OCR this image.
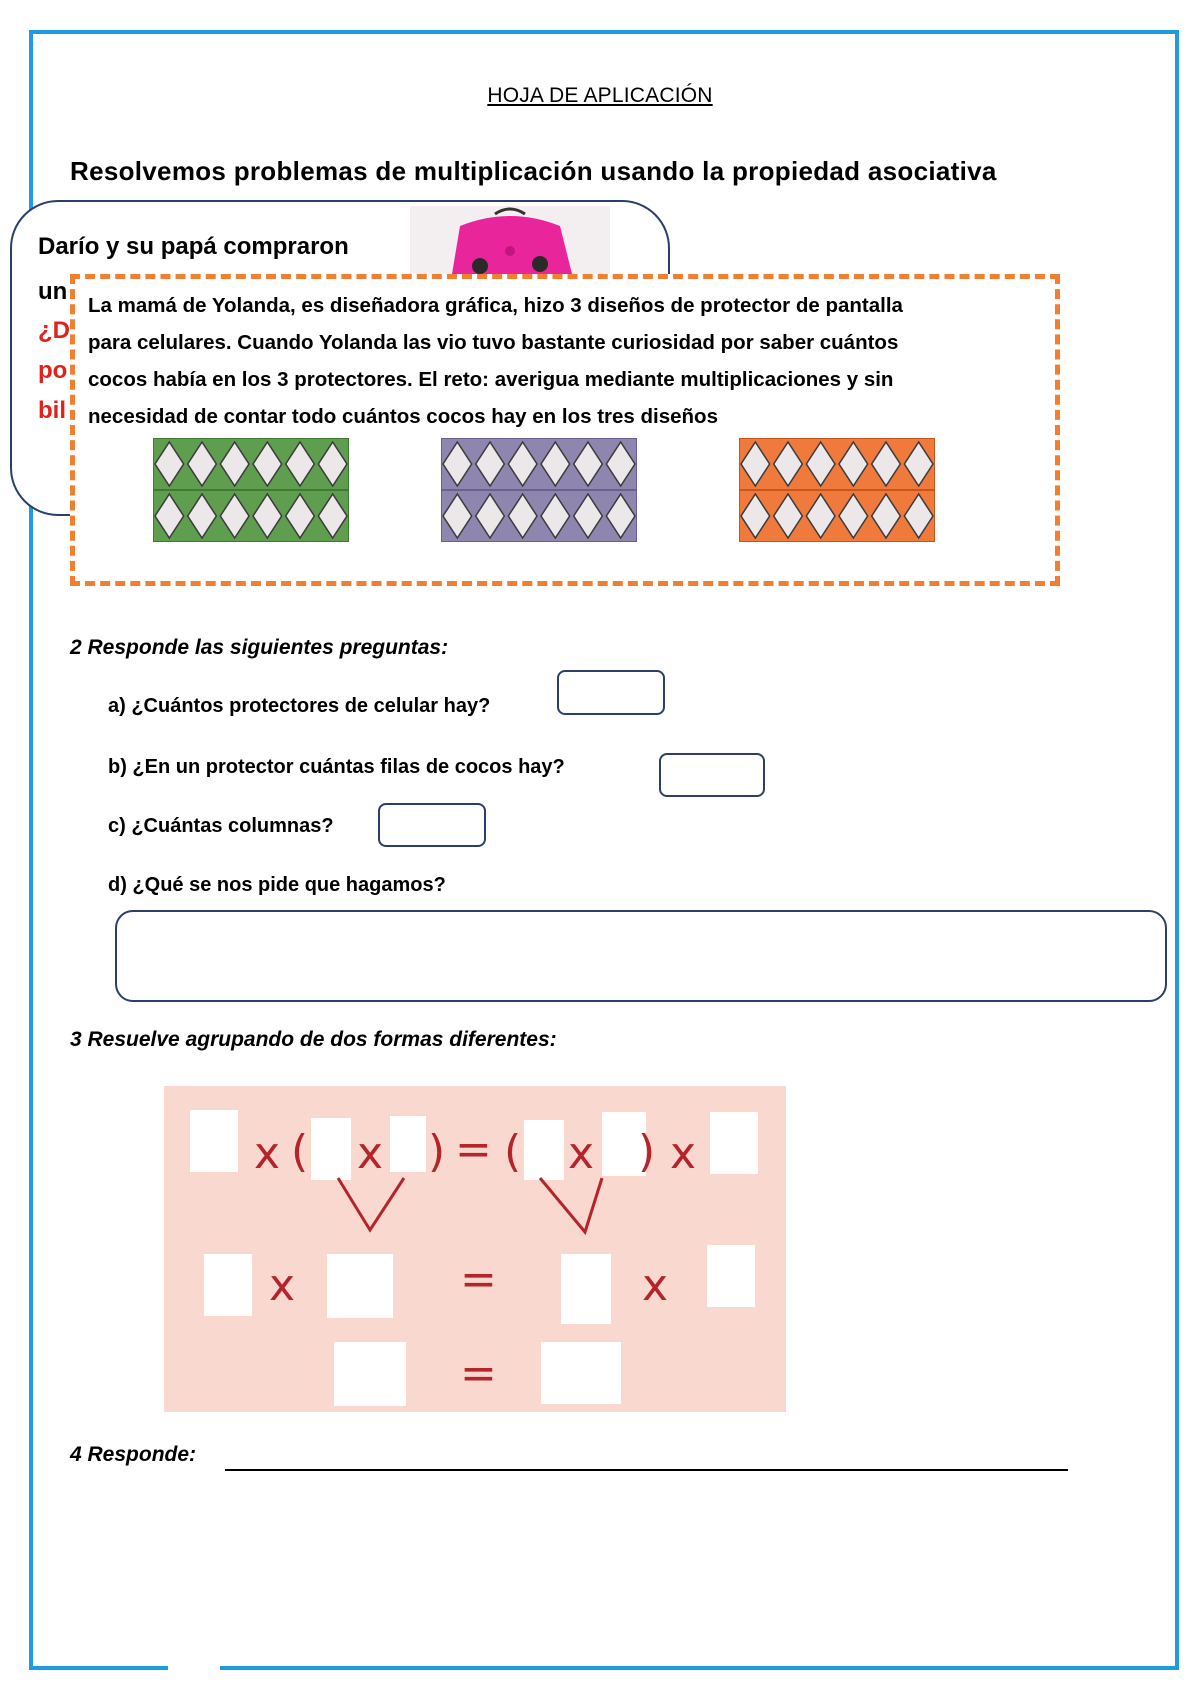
HOJA DE APLICACIÓN
Resolvemos problemas de multiplicación usando la propiedad asociativa
Darío y su papá compraron
un
¿D
po
bil
La mamá de Yolanda, es diseñadora gráfica, hizo 3 diseños de protector de pantalla
para celulares. Cuando Yolanda las vio tuvo bastante curiosidad por saber cuántos
cocos había en los 3 protectores. El reto: averigua mediante multiplicaciones y sin
necesidad de contar todo cuántos cocos hay en los tres diseños
2 Responde las siguientes preguntas:
a) ¿Cuántos protectores de celular hay?
b) ¿En un protector cuántas filas de cocos hay?
c) ¿Cuántas columnas?
d) ¿Qué se nos pide que hagamos?
3 Resuelve agrupando de dos formas diferentes:
x ( x ) = ( x ) x
x	=	x
=
4 Responde:
